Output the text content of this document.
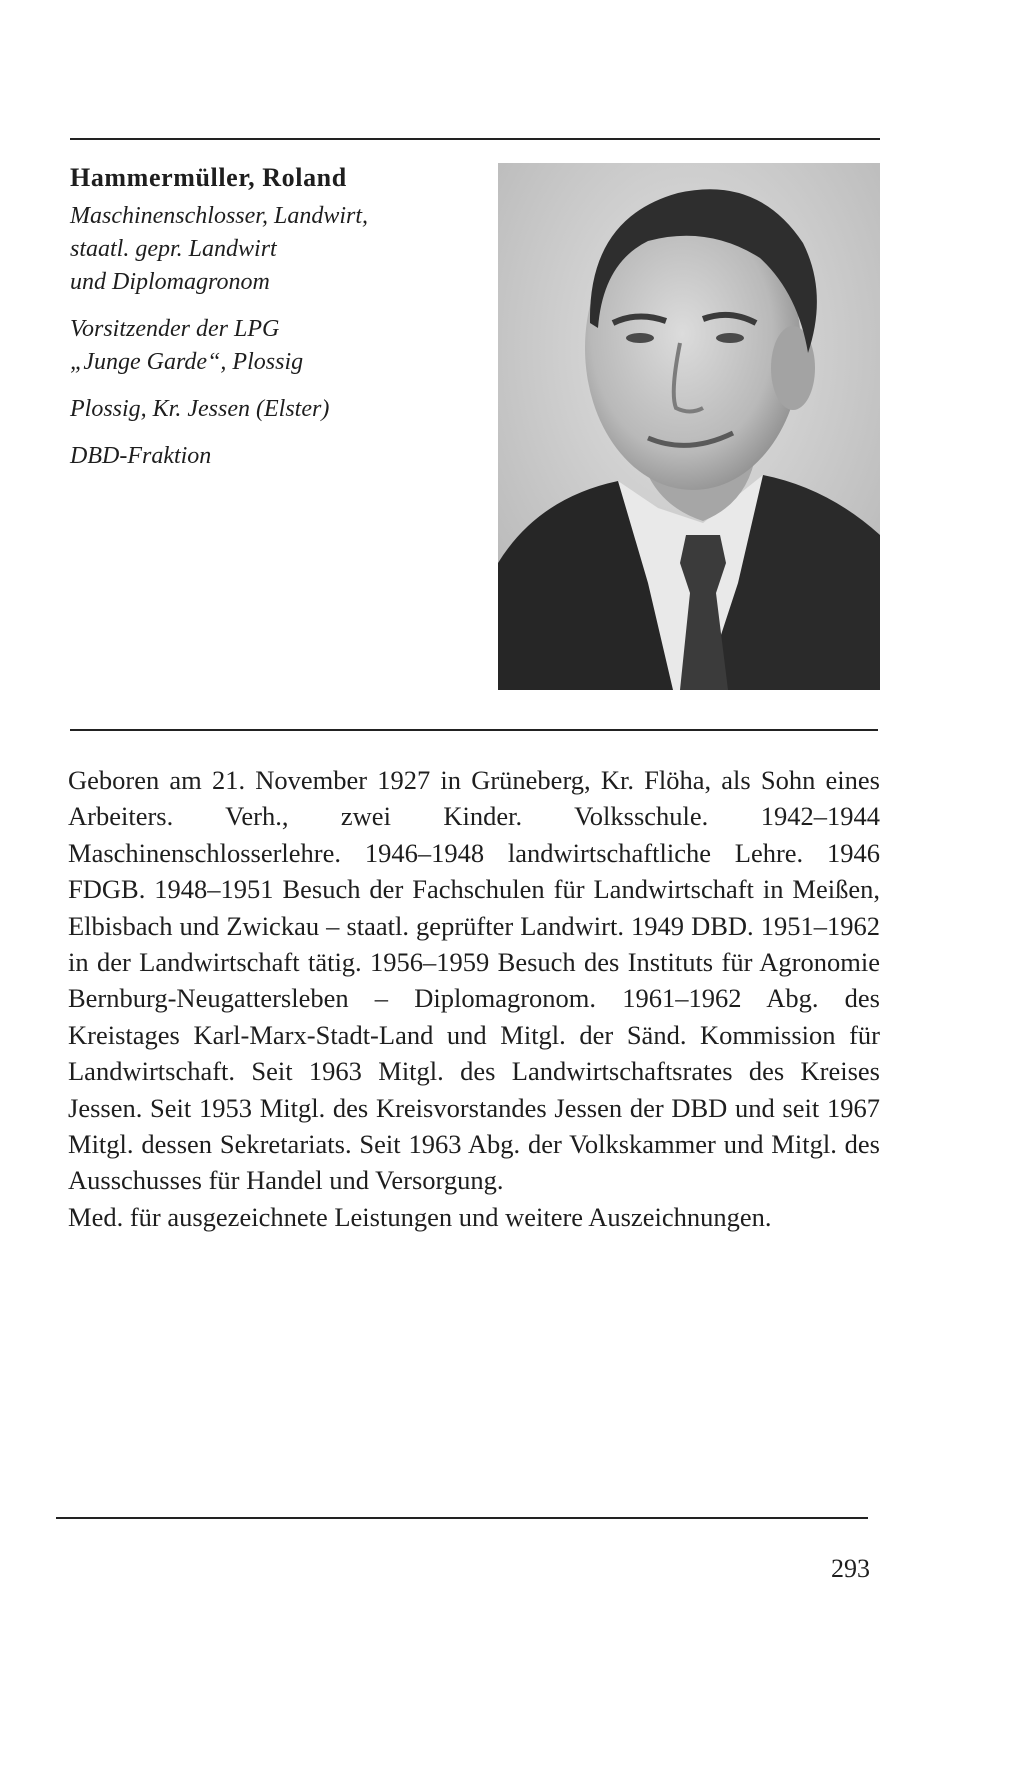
Hammermüller, Roland

Maschinenschlosser, Landwirt,

staatl. gepr. Landwirt

und Diplomagronom

Vorsitzender der LPG

„Junge Garde“, Plossig

Plossig, Kr. Jessen (Elster)

DBD-Fraktion

Geboren am 21. November 1927 in Grüneberg, Kr. Flöha, als Sohn eines Arbeiters. Verh., zwei Kinder. Volksschule. 1942–1944 Maschinenschlosserlehre. 1946–1948 landwirtschaftliche Lehre. 1946 FDGB. 1948–1951 Besuch der Fachschulen für Landwirtschaft in Meißen, Elbisbach und Zwickau – staatl. geprüfter Landwirt. 1949 DBD. 1951–1962 in der Landwirtschaft tätig. 1956–1959 Besuch des Instituts für Agronomie Bernburg-Neugattersleben – Diplomagronom. 1961–1962 Abg. des Kreistages Karl-Marx-Stadt-Land und Mitgl. der Sänd. Kommission für Landwirtschaft. Seit 1963 Mitgl. des Landwirtschaftsrates des Kreises Jessen. Seit 1953 Mitgl. des Kreisvorstandes Jessen der DBD und seit 1967 Mitgl. dessen Sekretariats. Seit 1963 Abg. der Volkskammer und Mitgl. des Ausschusses für Handel und Versorgung.

Med. für ausgezeichnete Leistungen und weitere Auszeichnungen.

293
